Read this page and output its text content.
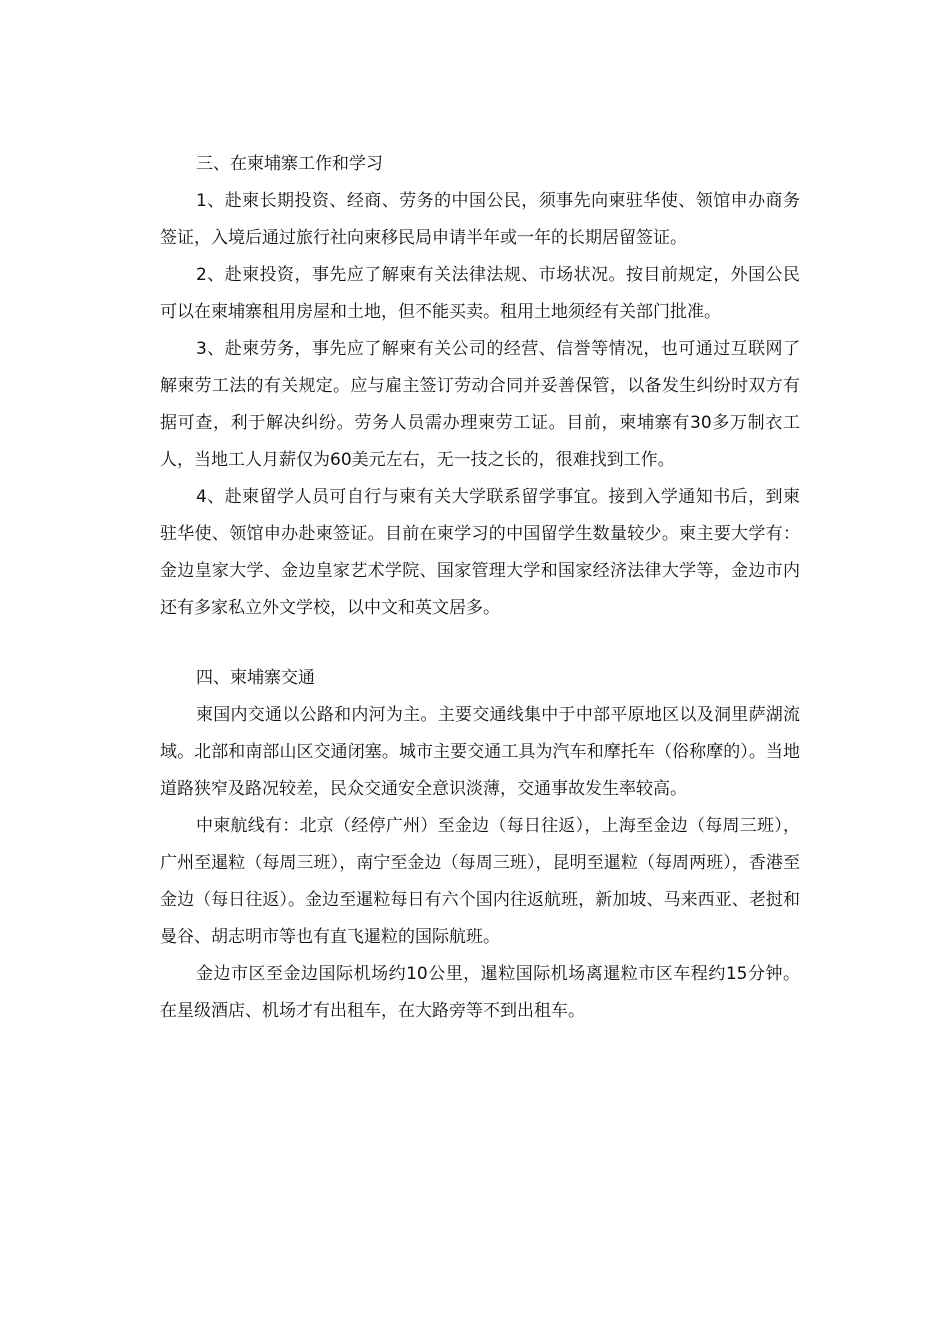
三、在柬埔寨工作和学习

1、赴柬长期投资、经商、劳务的中国公民，须事先向柬驻华使、领馆申办商务签证，入境后通过旅行社向柬移民局申请半年或一年的长期居留签证。

2、赴柬投资，事先应了解柬有关法律法规、市场状况。按目前规定，外国公民可以在柬埔寨租用房屋和土地，但不能买卖。租用土地须经有关部门批准。

3、赴柬劳务，事先应了解柬有关公司的经营、信誉等情况，也可通过互联网了解柬劳工法的有关规定。应与雇主签订劳动合同并妥善保管，以备发生纠纷时双方有据可查，利于解决纠纷。劳务人员需办理柬劳工证。目前，柬埔寨有30多万制衣工人，当地工人月薪仅为60美元左右，无一技之长的，很难找到工作。

4、赴柬留学人员可自行与柬有关大学联系留学事宜。接到入学通知书后，到柬驻华使、领馆申办赴柬签证。目前在柬学习的中国留学生数量较少。柬主要大学有：金边皇家大学、金边皇家艺术学院、国家管理大学和国家经济法律大学等，金边市内还有多家私立外文学校，以中文和英文居多。

四、柬埔寨交通

柬国内交通以公路和内河为主。主要交通线集中于中部平原地区以及洞里萨湖流域。北部和南部山区交通闭塞。城市主要交通工具为汽车和摩托车（俗称摩的）。当地道路狭窄及路况较差，民众交通安全意识淡薄，交通事故发生率较高。

中柬航线有：北京（经停广州）至金边（每日往返），上海至金边（每周三班），广州至暹粒（每周三班），南宁至金边（每周三班），昆明至暹粒（每周两班），香港至金边（每日往返）。金边至暹粒每日有六个国内往返航班，新加坡、马来西亚、老挝和曼谷、胡志明市等也有直飞暹粒的国际航班。

金边市区至金边国际机场约10公里，暹粒国际机场离暹粒市区车程约15分钟。在星级酒店、机场才有出租车，在大路旁等不到出租车。
